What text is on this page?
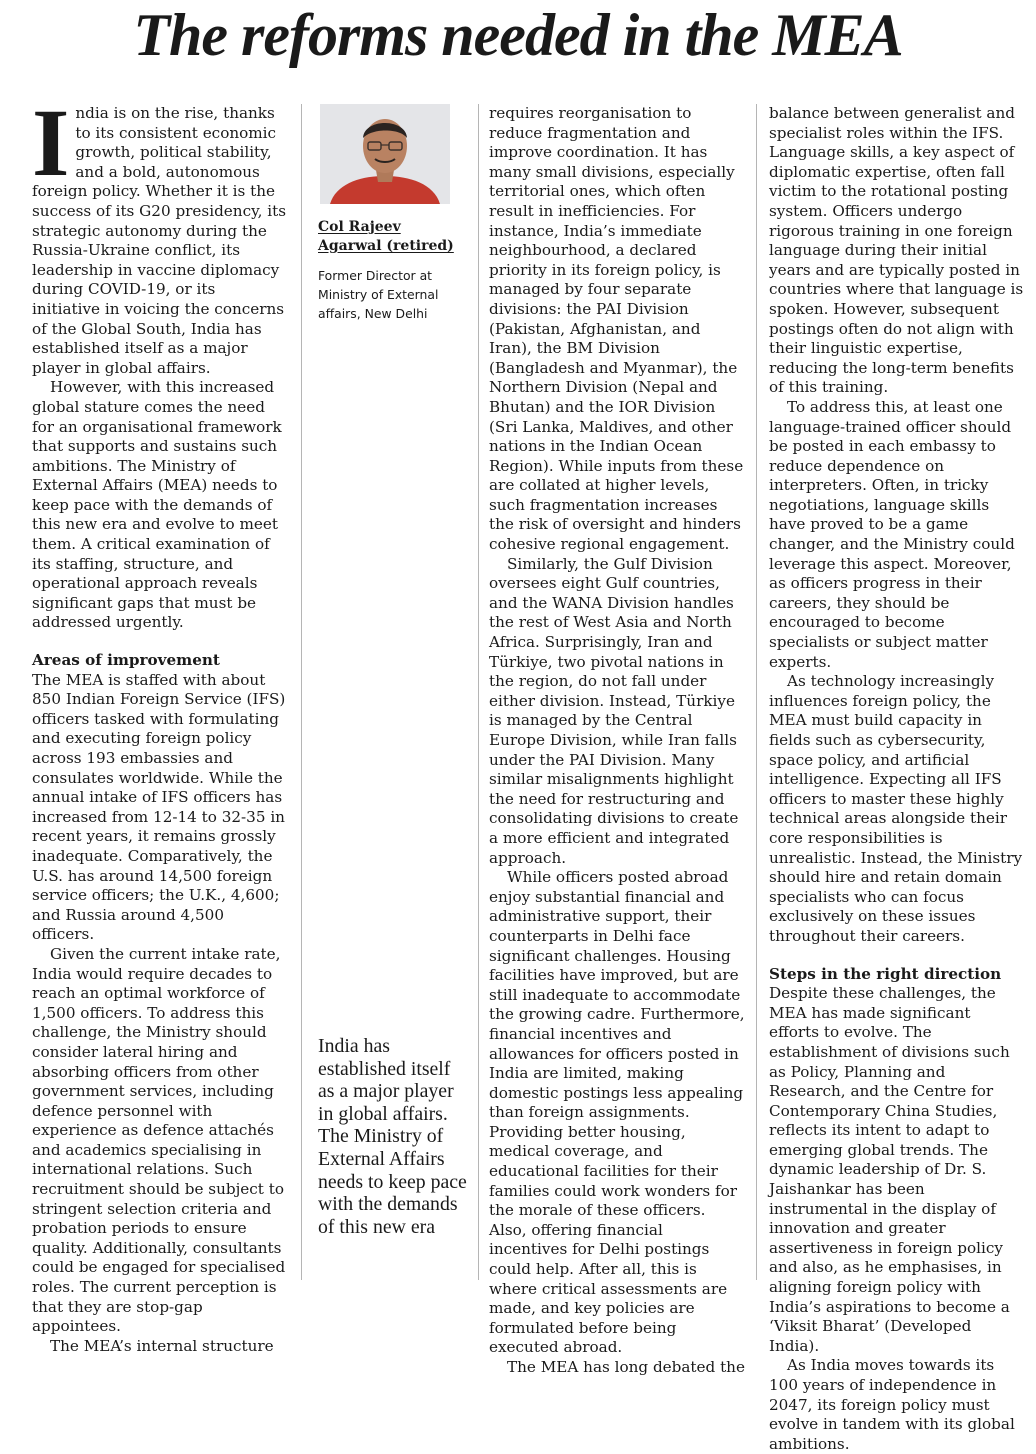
The reforms needed in the MEA

India is on the rise, thanks to its consistent economic growth, political stability, and a bold, autonomous foreign policy. Whether it is the success of its G20 presidency, its strategic autonomy during the Russia-Ukraine conflict, its leadership in vaccine diplomacy during COVID-19, or its initiative in voicing the concerns of the Global South, India has established itself as a major player in global affairs.

However, with this increased global stature comes the need for an organisational framework that supports and sustains such ambitions. The Ministry of External Affairs (MEA) needs to keep pace with the demands of this new era and evolve to meet them. A critical examination of its staffing, structure, and operational approach reveals significant gaps that must be addressed urgently.

Areas of improvement

The MEA is staffed with about 850 Indian Foreign Service (IFS) officers tasked with formulating and executing foreign policy across 193 embassies and consulates worldwide. While the annual intake of IFS officers has increased from 12-14 to 32-35 in recent years, it remains grossly inadequate. Comparatively, the U.S. has around 14,500 foreign service officers; the U.K., 4,600; and Russia around 4,500 officers.

Given the current intake rate, India would require decades to reach an optimal workforce of 1,500 officers. To address this challenge, the Ministry should consider lateral hiring and absorbing officers from other government services, including defence personnel with experience as defence attachés and academics specialising in international relations. Such recruitment should be subject to stringent selection criteria and probation periods to ensure quality. Additionally, consultants could be engaged for specialised roles. The current perception is that they are stop-gap appointees.

The MEA’s internal structure

Col Rajeev Agarwal (retired)
Former Director at Ministry of External affairs, New Delhi

India has established itself as a major player in global affairs. The Ministry of External Affairs needs to keep pace with the demands of this new era

requires reorganisation to reduce fragmentation and improve coordination. It has many small divisions, especially territorial ones, which often result in inefficiencies. For instance, India’s immediate neighbourhood, a declared priority in its foreign policy, is managed by four separate divisions: the PAI Division (Pakistan, Afghanistan, and Iran), the BM Division (Bangladesh and Myanmar), the Northern Division (Nepal and Bhutan) and the IOR Division (Sri Lanka, Maldives, and other nations in the Indian Ocean Region). While inputs from these are collated at higher levels, such fragmentation increases the risk of oversight and hinders cohesive regional engagement.

Similarly, the Gulf Division oversees eight Gulf countries, and the WANA Division handles the rest of West Asia and North Africa. Surprisingly, Iran and Türkiye, two pivotal nations in the region, do not fall under either division. Instead, Türkiye is managed by the Central Europe Division, while Iran falls under the PAI Division. Many similar misalignments highlight the need for restructuring and consolidating divisions to create a more efficient and integrated approach.

While officers posted abroad enjoy substantial financial and administrative support, their counterparts in Delhi face significant challenges. Housing facilities have improved, but are still inadequate to accommodate the growing cadre. Furthermore, financial incentives and allowances for officers posted in India are limited, making domestic postings less appealing than foreign assignments. Providing better housing, medical coverage, and educational facilities for their families could work wonders for the morale of these officers. Also, offering financial incentives for Delhi postings could help. After all, this is where critical assessments are made, and key policies are formulated before being executed abroad.

The MEA has long debated the

balance between generalist and specialist roles within the IFS. Language skills, a key aspect of diplomatic expertise, often fall victim to the rotational posting system. Officers undergo rigorous training in one foreign language during their initial years and are typically posted in countries where that language is spoken. However, subsequent postings often do not align with their linguistic expertise, reducing the long-term benefits of this training.

To address this, at least one language-trained officer should be posted in each embassy to reduce dependence on interpreters. Often, in tricky negotiations, language skills have proved to be a game changer, and the Ministry could leverage this aspect. Moreover, as officers progress in their careers, they should be encouraged to become specialists or subject matter experts.

As technology increasingly influences foreign policy, the MEA must build capacity in fields such as cybersecurity, space policy, and artificial intelligence. Expecting all IFS officers to master these highly technical areas alongside their core responsibilities is unrealistic. Instead, the Ministry should hire and retain domain specialists who can focus exclusively on these issues throughout their careers.

Steps in the right direction

Despite these challenges, the MEA has made significant efforts to evolve. The establishment of divisions such as Policy, Planning and Research, and the Centre for Contemporary China Studies, reflects its intent to adapt to emerging global trends. The dynamic leadership of Dr. S. Jaishankar has been instrumental in the display of innovation and greater assertiveness in foreign policy and also, as he emphasises, in aligning foreign policy with India’s aspirations to become a ‘Viksit Bharat’ (Developed India).

As India moves towards its 100 years of independence in 2047, its foreign policy must evolve in tandem with its global ambitions.
